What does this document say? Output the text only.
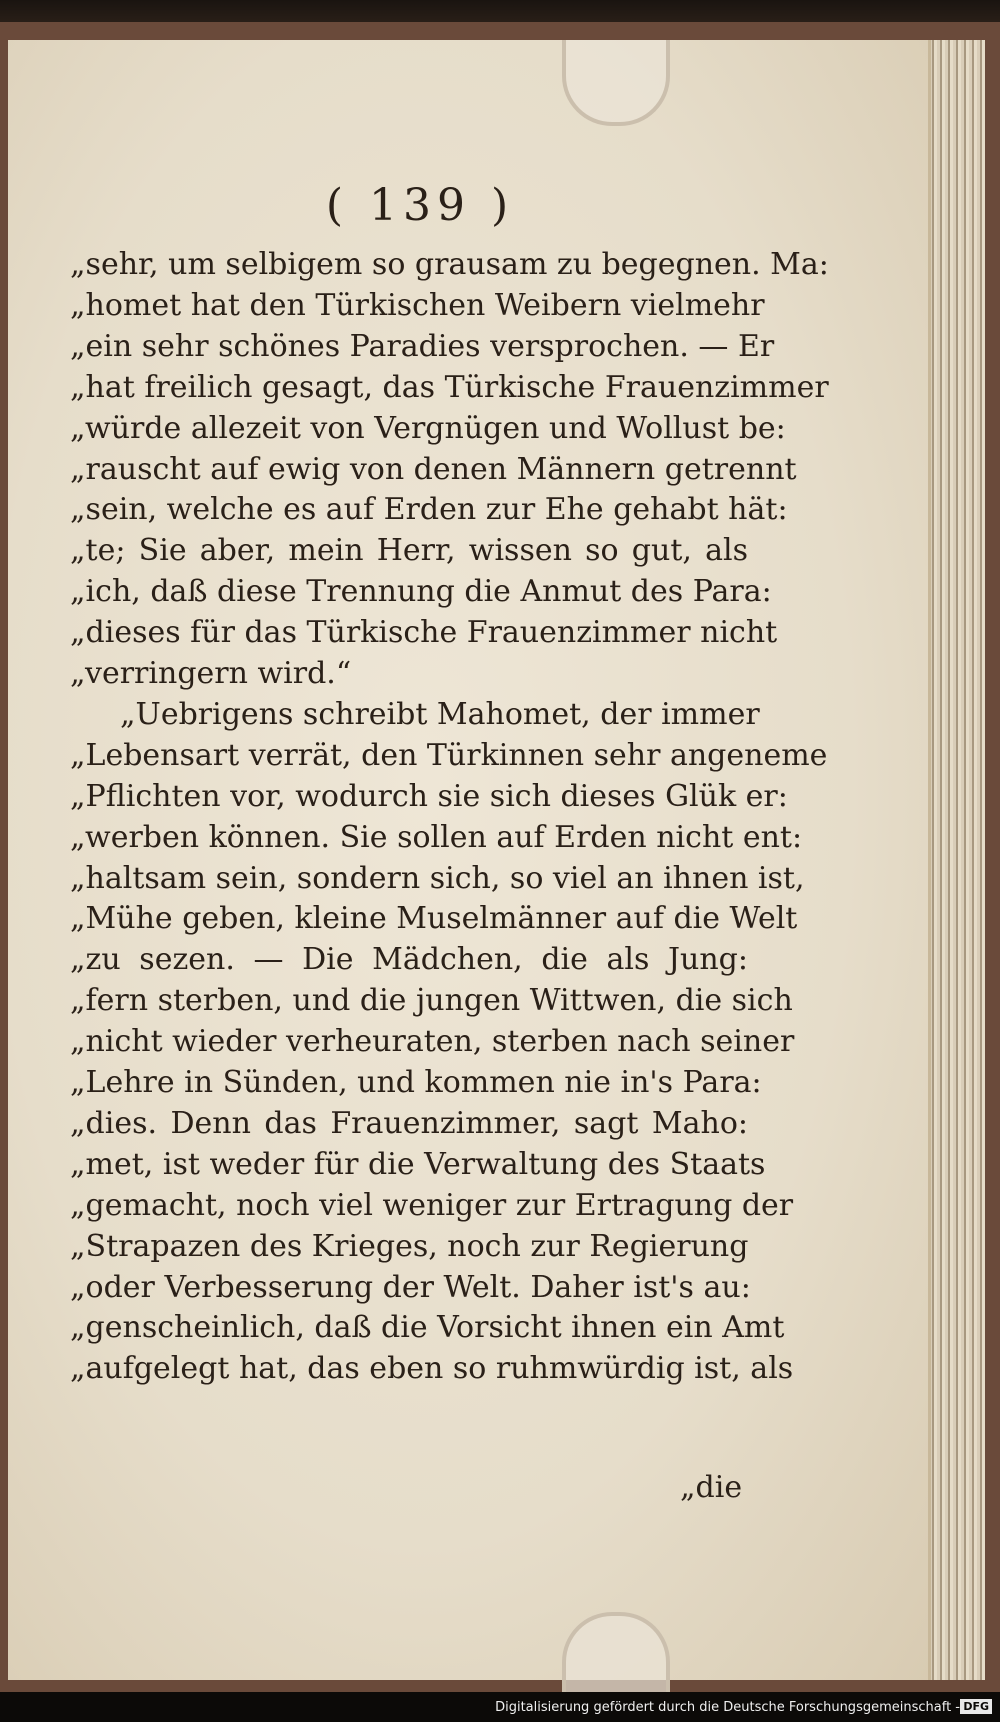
( 139 )
„sehr, um selbigem so grausam zu begegnen. Ma:
„homet hat den Türkischen Weibern vielmehr
„ein sehr schönes Paradies versprochen. — Er
„hat freilich gesagt, das Türkische Frauenzimmer
„würde allezeit von Vergnügen und Wollust be:
„rauscht auf ewig von denen Männern getrennt
„sein, welche es auf Erden zur Ehe gehabt hät:
„te; Sie aber, mein Herr, wissen so gut, als
„ich, daß diese Trennung die Anmut des Para:
„dieses für das Türkische Frauenzimmer nicht
„verringern wird.“
„Uebrigens schreibt Mahomet, der immer
„Lebensart verrät, den Türkinnen sehr angeneme
„Pflichten vor, wodurch sie sich dieses Glük er:
„werben können. Sie sollen auf Erden nicht ent:
„haltsam sein, sondern sich, so viel an ihnen ist,
„Mühe geben, kleine Muselmänner auf die Welt
„zu sezen. — Die Mädchen, die als Jung:
„fern sterben, und die jungen Wittwen, die sich
„nicht wieder verheuraten, sterben nach seiner
„Lehre in Sünden, und kommen nie in's Para:
„dies. Denn das Frauenzimmer, sagt Maho:
„met, ist weder für die Verwaltung des Staats
„gemacht, noch viel weniger zur Ertragung der
„Strapazen des Krieges, noch zur Regierung
„oder Verbesserung der Welt. Daher ist's au:
„genscheinlich, daß die Vorsicht ihnen ein Amt
„aufgelegt hat, das eben so ruhmwürdig ist, als
„die
Digitalisierung gefördert durch die Deutsche Forschungsgemeinschaft - DFG
